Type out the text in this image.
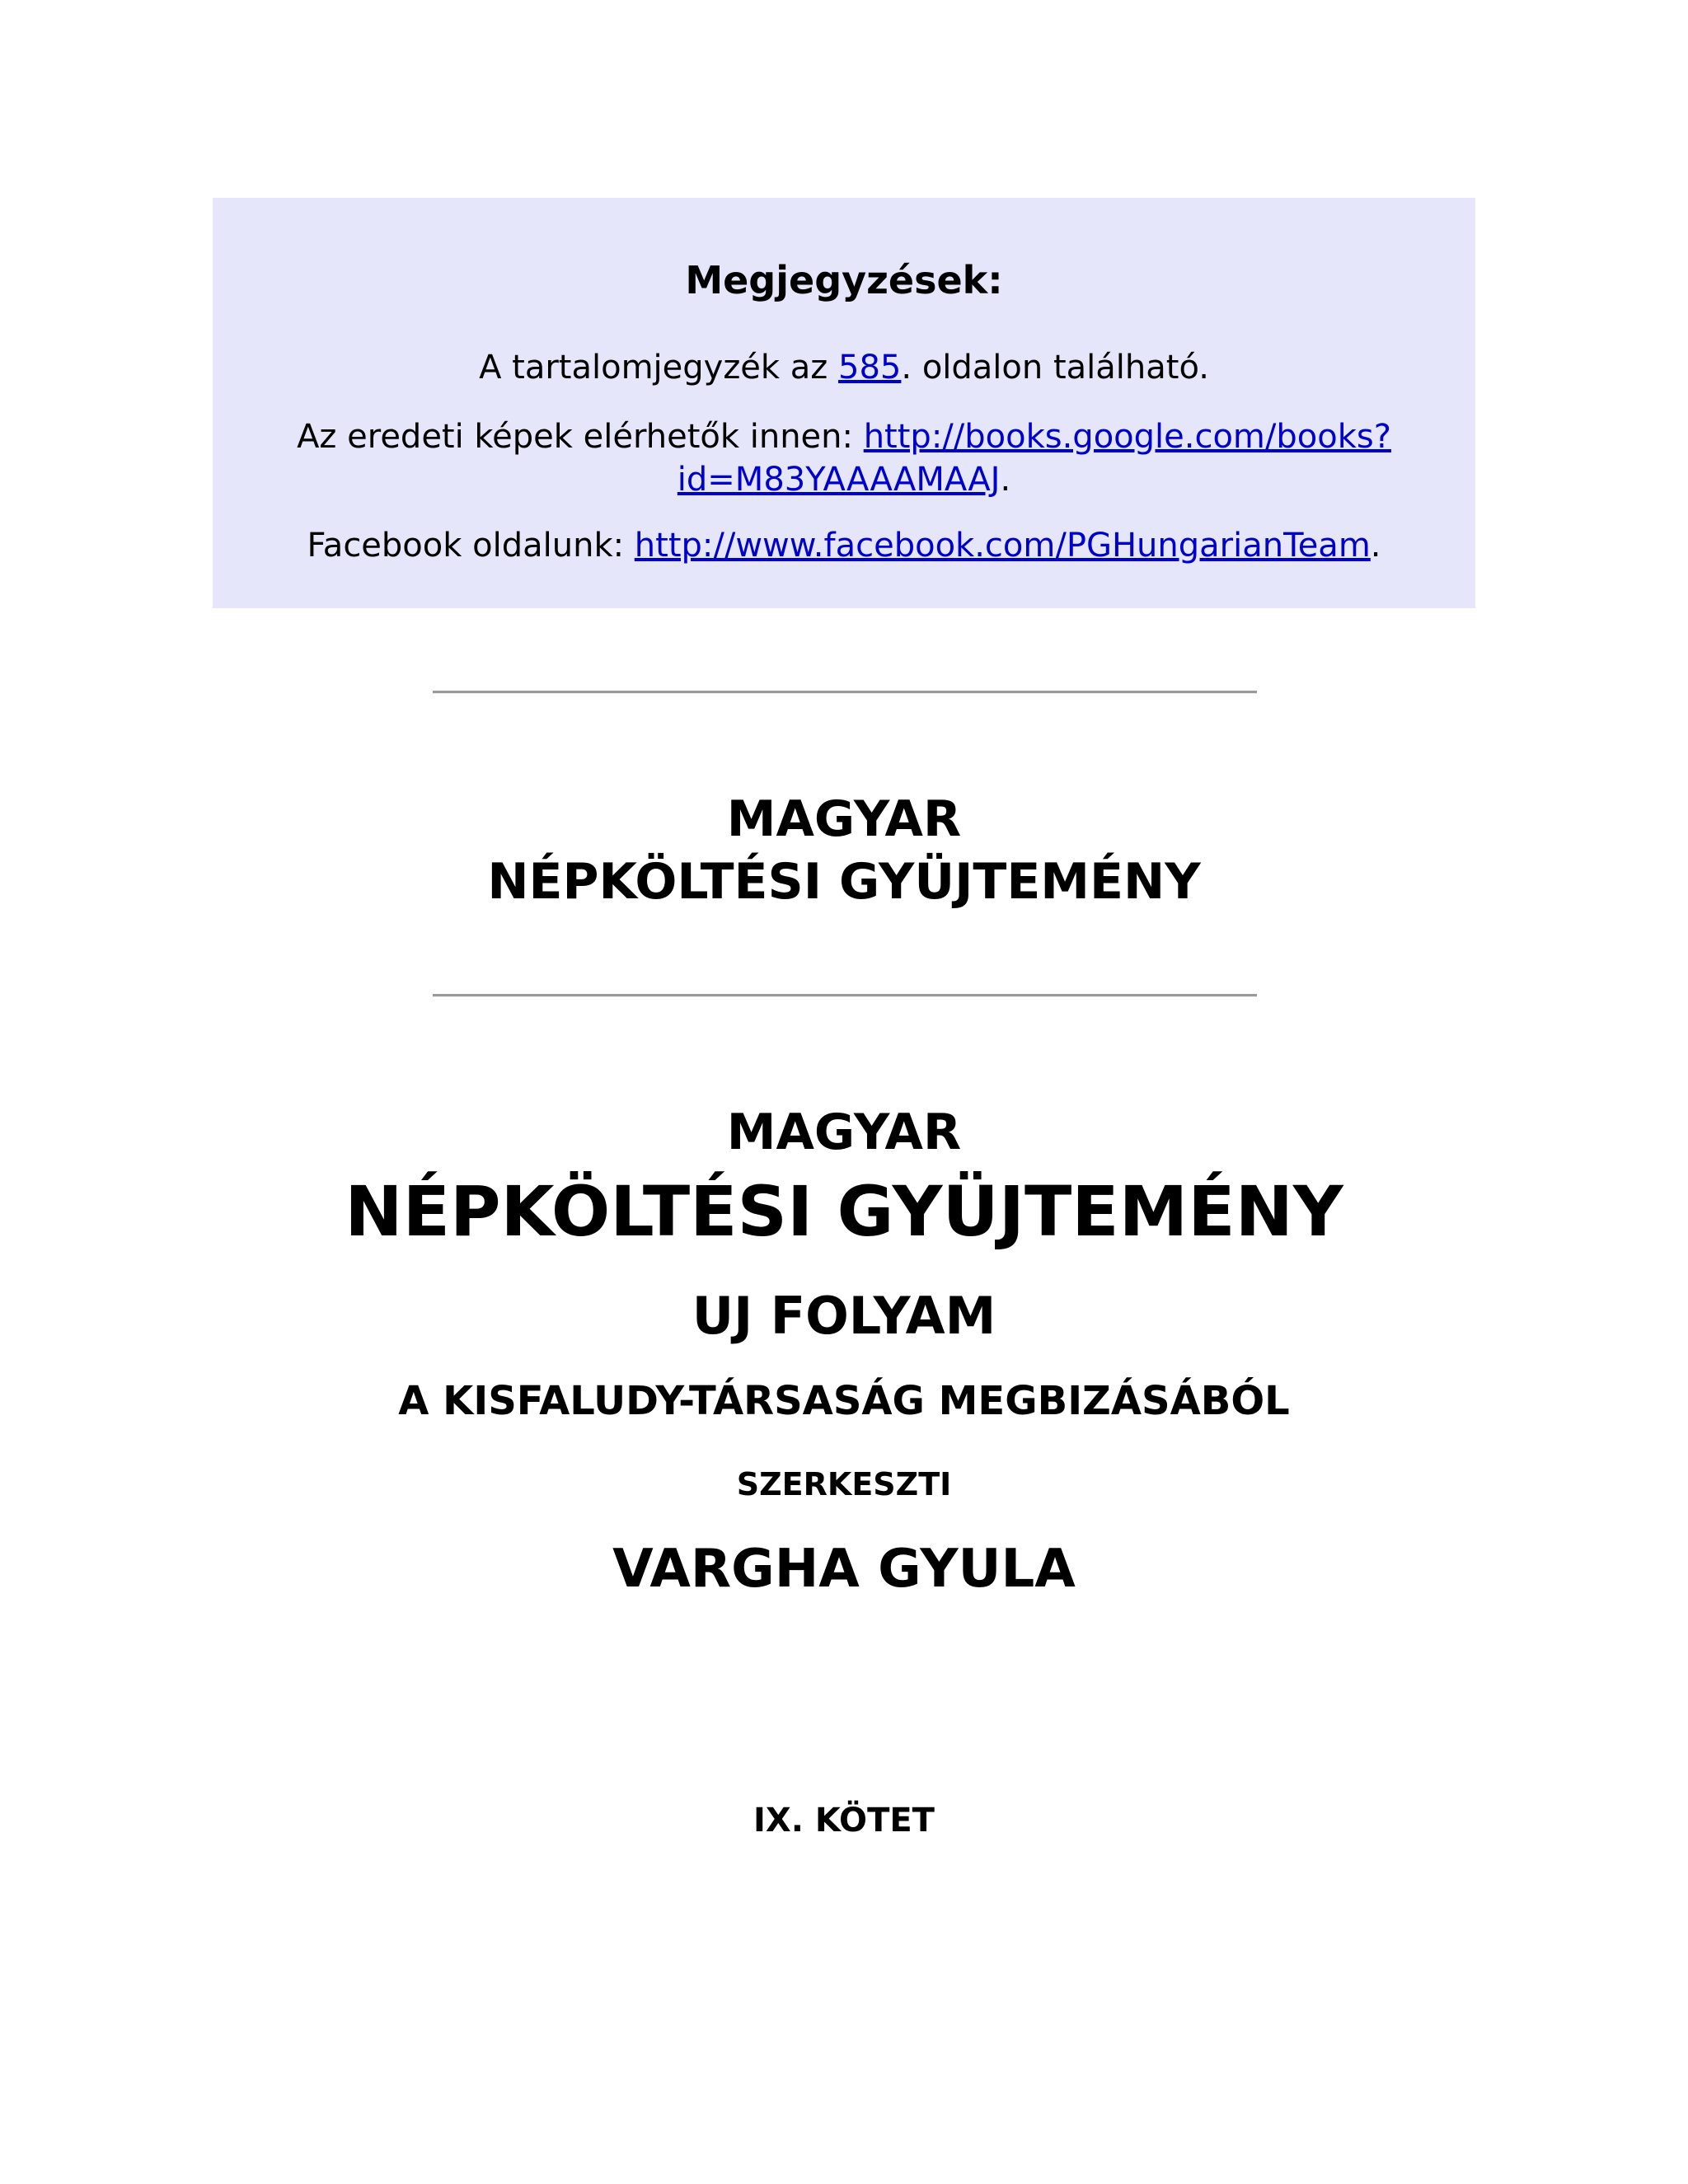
Megjegyzések:

A tartalomjegyzék az 585. oldalon található.

Az eredeti képek elérhetők innen: http://books.google.com/books?
id=M83YAAAAMAAJ.

Facebook oldalunk: http://www.facebook.com/PGHungarianTeam.

MAGYAR

NÉPKÖLTÉSI GYÜJTEMÉNY

MAGYAR

NÉPKÖLTÉSI GYÜJTEMÉNY

UJ FOLYAM

A KISFALUDY-TÁRSASÁG MEGBIZÁSÁBÓL

SZERKESZTI

VARGHA GYULA

IX. KÖTET
